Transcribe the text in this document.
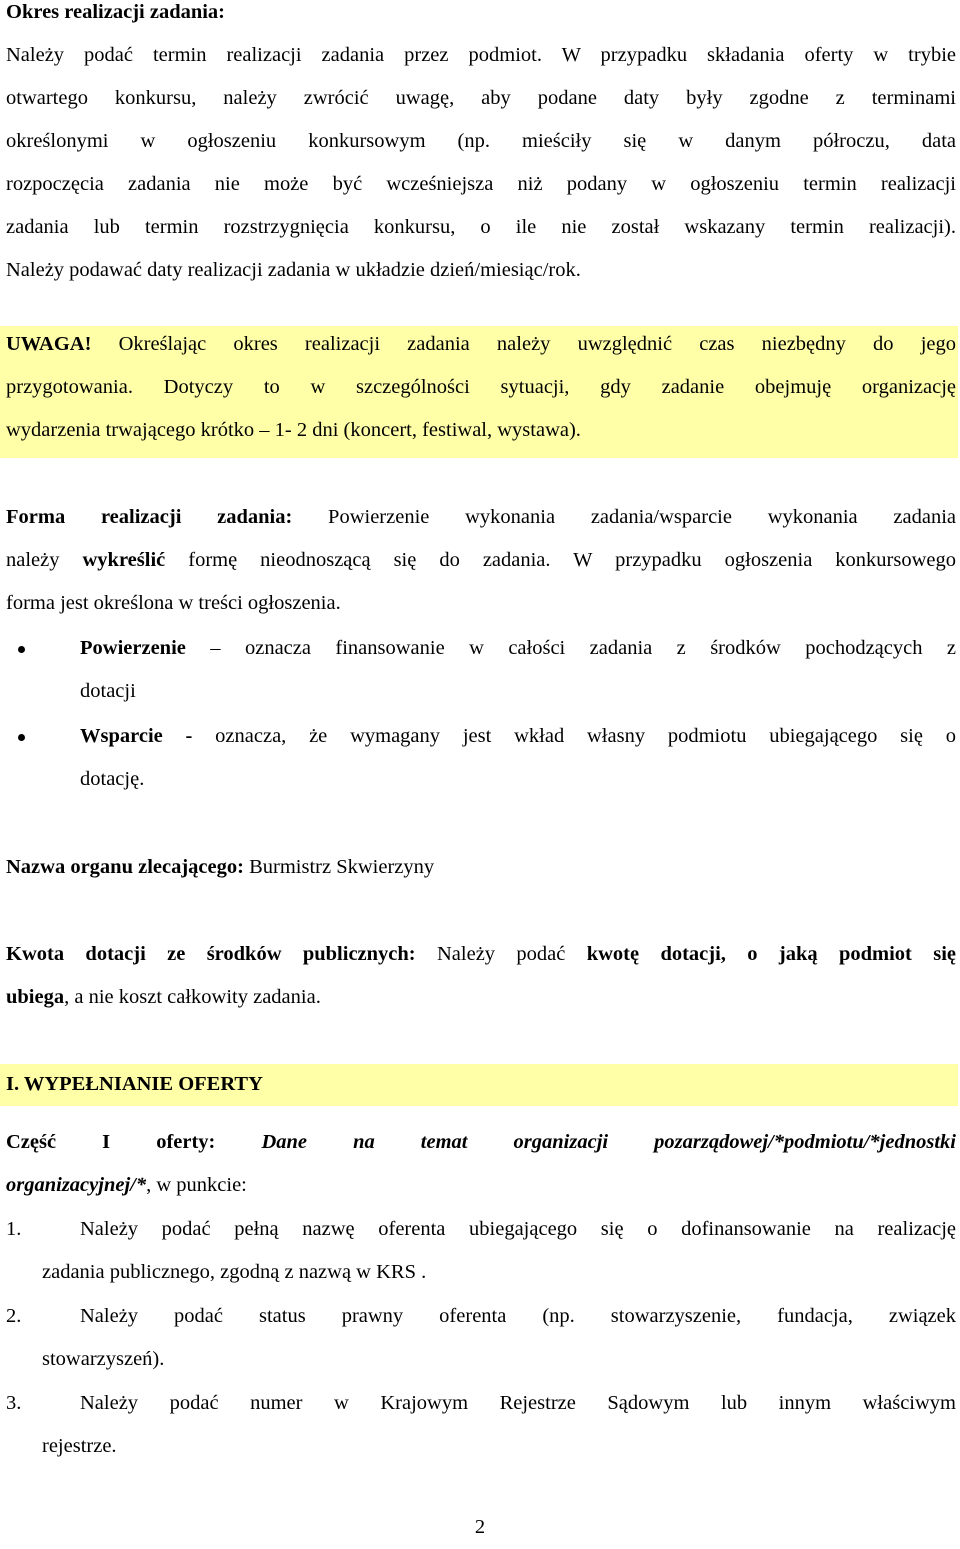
Okres realizacji zadania:
Należy podać termin realizacji zadania przez podmiot. W przypadku składania oferty w trybie
otwartego konkursu, należy zwrócić uwagę, aby podane daty były zgodne z terminami
określonymi w ogłoszeniu konkursowym (np. mieściły się w danym półroczu, data
rozpoczęcia zadania nie może być wcześniejsza niż podany w ogłoszeniu termin realizacji
zadania lub termin rozstrzygnięcia konkursu, o ile nie został wskazany termin realizacji).
Należy podawać daty realizacji zadania w układzie dzień/miesiąc/rok.
UWAGA! Określając okres realizacji zadania należy uwzględnić czas niezbędny do jego
przygotowania. Dotyczy to w szczególności sytuacji, gdy zadanie obejmuję organizację
wydarzenia trwającego krótko – 1- 2 dni (koncert, festiwal, wystawa).
Forma realizacji zadania: Powierzenie wykonania zadania/wsparcie wykonania zadania
należy wykreślić formę nieodnoszącą się do zadania. W przypadku ogłoszenia konkursowego
forma jest określona w treści ogłoszenia.
Powierzenie – oznacza finansowanie w całości zadania z środków pochodzących z
dotacji
Wsparcie - oznacza, że wymagany jest wkład własny podmiotu ubiegającego się o
dotację.
Nazwa organu zlecającego: Burmistrz Skwierzyny
Kwota dotacji ze środków publicznych: Należy podać kwotę dotacji, o jaką podmiot się
ubiega, a nie koszt całkowity zadania.
I. WYPEŁNIANIE OFERTY
Część I oferty: Dane na temat organizacji pozarządowej/*podmiotu/*jednostki
organizacyjnej/*, w punkcie:
1.	Należy podać pełną nazwę oferenta ubiegającego się o dofinansowanie na realizację
zadania publicznego, zgodną z nazwą w KRS .
2.	Należy podać status prawny oferenta (np. stowarzyszenie, fundacja, związek
stowarzyszeń).
3.	Należy podać numer w Krajowym Rejestrze Sądowym lub innym właściwym
rejestrze.
2
